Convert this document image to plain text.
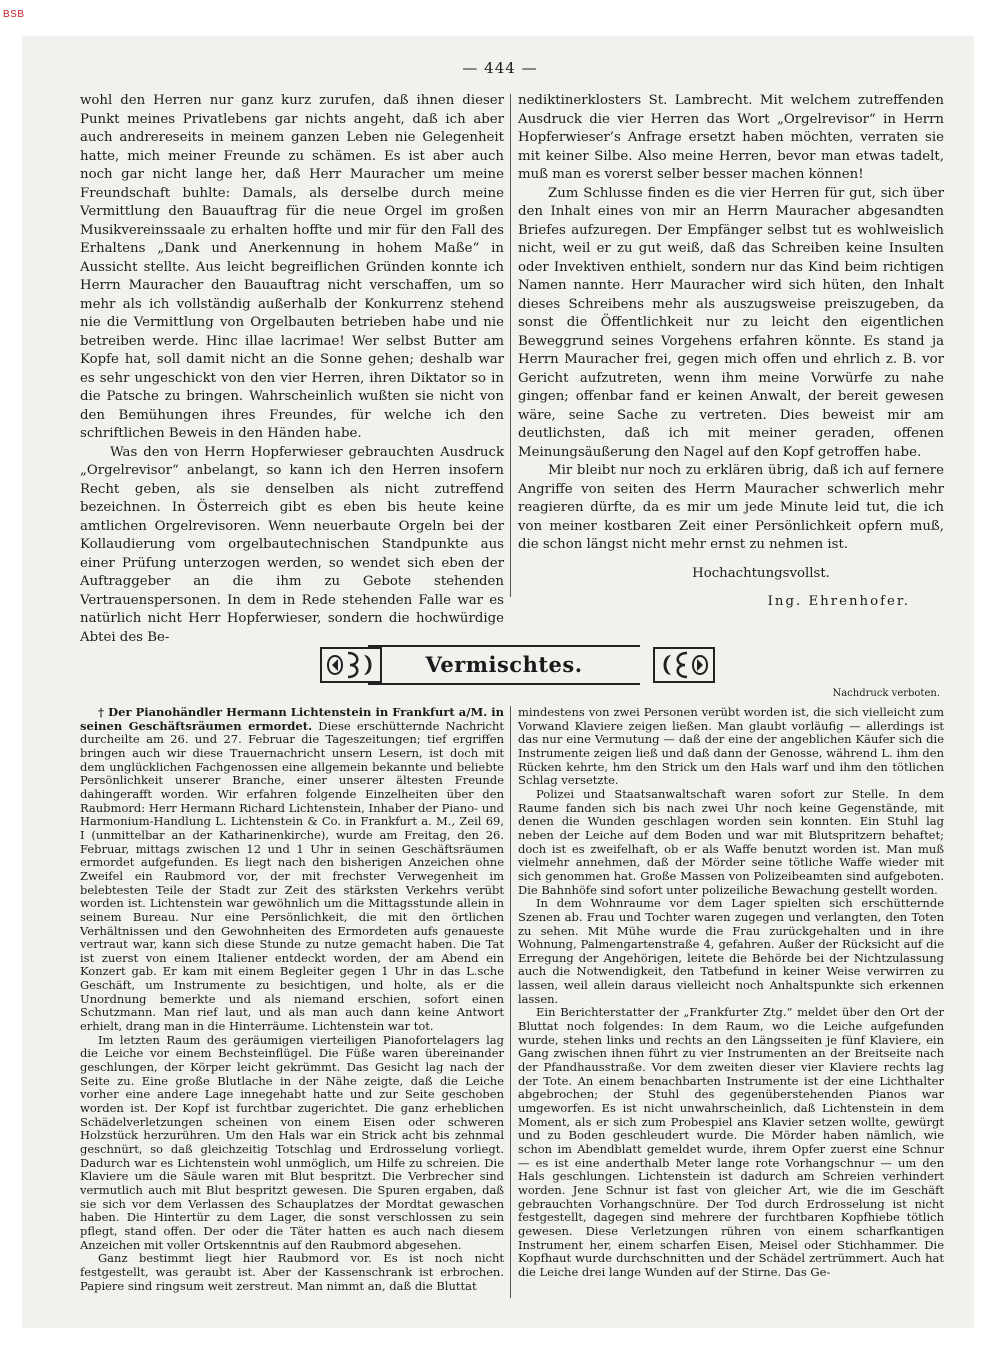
BSB
— 444 —

wohl den Herren nur ganz kurz zurufen, daß ihnen dieser Punkt meines Privatlebens gar nichts angeht, daß ich aber auch andrereseits in meinem ganzen Leben nie Gelegenheit hatte, mich meiner Freunde zu schämen. Es ist aber auch noch gar nicht lange her, daß Herr Mauracher um meine Freundschaft buhlte: Damals, als derselbe durch meine Vermittlung den Bauauftrag für die neue Orgel im großen Musikvereinssaale zu erhalten hoffte und mir für den Fall des Erhaltens „Dank und Anerkennung in hohem Maße“ in Aussicht stellte. Aus leicht begreiflichen Gründen konnte ich Herrn Mauracher den Bauauftrag nicht verschaffen, um so mehr als ich vollständig außerhalb der Konkurrenz stehend nie die Vermittlung von Orgelbauten betrieben habe und nie betreiben werde. Hinc illae lacrimae! Wer selbst Butter am Kopfe hat, soll damit nicht an die Sonne gehen; deshalb war es sehr ungeschickt von den vier Herren, ihren Diktator so in die Patsche zu bringen. Wahrscheinlich wußten sie nicht von den Bemühungen ihres Freundes, für welche ich den schriftlichen Beweis in den Händen habe.

Was den von Herrn Hopferwieser gebrauchten Ausdruck „Orgelrevisor“ anbelangt, so kann ich den Herren insofern Recht geben, als sie denselben als nicht zutreffend bezeichnen. In Österreich gibt es eben bis heute keine amtlichen Orgelrevisoren. Wenn neuerbaute Orgeln bei der Kollaudierung vom orgelbautechnischen Standpunkte aus einer Prüfung unterzogen werden, so wendet sich eben der Auftraggeber an die ihm zu Gebote stehenden Vertrauenspersonen. In dem in Rede stehenden Falle war es natürlich nicht Herr Hopferwieser, sondern die hochwürdige Abtei des Be-

nediktinerklosters St. Lambrecht. Mit welchem zutreffenden Ausdruck die vier Herren das Wort „Orgelrevisor“ in Herrn Hopferwieser’s Anfrage ersetzt haben möchten, verraten sie mit keiner Silbe. Also meine Herren, bevor man etwas tadelt, muß man es vorerst selber besser machen können!

Zum Schlusse finden es die vier Herren für gut, sich über den Inhalt eines von mir an Herrn Mauracher abgesandten Briefes aufzuregen. Der Empfänger selbst tut es wohlweislich nicht, weil er zu gut weiß, daß das Schreiben keine Insulten oder Invektiven enthielt, sondern nur das Kind beim richtigen Namen nannte. Herr Mauracher wird sich hüten, den Inhalt dieses Schreibens mehr als auszugsweise preiszugeben, da sonst die Öffentlichkeit nur zu leicht den eigentlichen Beweggrund seines Vorgehens erfahren könnte. Es stand ja Herrn Mauracher frei, gegen mich offen und ehrlich z. B. vor Gericht aufzutreten, wenn ihm meine Vorwürfe zu nahe gingen; offenbar fand er keinen Anwalt, der bereit gewesen wäre, seine Sache zu vertreten. Dies beweist mir am deutlichsten, daß ich mit meiner geraden, offenen Meinungsäußerung den Nagel auf den Kopf getroffen habe.

Mir bleibt nur noch zu erklären übrig, daß ich auf fernere Angriffe von seiten des Herrn Mauracher schwerlich mehr reagieren dürfte, da es mir um jede Minute leid tut, die ich von meiner kostbaren Zeit einer Persönlichkeit opfern muß, die schon längst nicht mehr ernst zu nehmen ist.

Hochachtungsvollst.

Ing. Ehrenhofer.

Vermischtes.
Nachdruck verboten.

† Der Pianohändler Hermann Lichtenstein in Frankfurt a/M. in seinen Geschäftsräumen ermordet. Diese erschütternde Nachricht durcheilte am 26. und 27. Februar die Tageszeitungen; tief ergriffen bringen auch wir diese Trauernachricht unsern Lesern, ist doch mit dem unglücklichen Fachgenossen eine allgemein bekannte und beliebte Persönlichkeit unserer Branche, einer unserer ältesten Freunde dahingerafft worden. Wir erfahren folgende Einzelheiten über den Raubmord: Herr Hermann Richard Lichtenstein, Inhaber der Piano- und Harmonium-Handlung L. Lichtenstein & Co. in Frankfurt a. M., Zeil 69, I (unmittelbar an der Katharinenkirche), wurde am Freitag, den 26. Februar, mittags zwischen 12 und 1 Uhr in seinen Geschäftsräumen ermordet aufgefunden. Es liegt nach den bisherigen Anzeichen ohne Zweifel ein Raubmord vor, der mit frechster Verwegenheit im belebtesten Teile der Stadt zur Zeit des stärksten Verkehrs verübt worden ist. Lichtenstein war gewöhnlich um die Mittagsstunde allein in seinem Bureau. Nur eine Persönlichkeit, die mit den örtlichen Verhältnissen und den Gewohnheiten des Ermordeten aufs genaueste vertraut war, kann sich diese Stunde zu nutze gemacht haben. Die Tat ist zuerst von einem Italiener entdeckt worden, der am Abend ein Konzert gab. Er kam mit einem Begleiter gegen 1 Uhr in das L.sche Geschäft, um Instrumente zu besichtigen, und holte, als er die Unordnung bemerkte und als niemand erschien, sofort einen Schutzmann. Man rief laut, und als man auch dann keine Antwort erhielt, drang man in die Hinterräume. Lichtenstein war tot.

Im letzten Raum des geräumigen vierteiligen Pianofortelagers lag die Leiche vor einem Bechsteinflügel. Die Füße waren übereinander geschlungen, der Körper leicht gekrümmt. Das Gesicht lag nach der Seite zu. Eine große Blutlache in der Nähe zeigte, daß die Leiche vorher eine andere Lage innegehabt hatte und zur Seite geschoben worden ist. Der Kopf ist furchtbar zugerichtet. Die ganz erheblichen Schädelverletzungen scheinen von einem Eisen oder schweren Holzstück herzurühren. Um den Hals war ein Strick acht bis zehnmal geschnürt, so daß gleichzeitig Totschlag und Erdrosselung vorliegt. Dadurch war es Lichtenstein wohl unmöglich, um Hilfe zu schreien. Die Klaviere um die Säule waren mit Blut bespritzt. Die Verbrecher sind vermutlich auch mit Blut bespritzt gewesen. Die Spuren ergaben, daß sie sich vor dem Verlassen des Schauplatzes der Mordtat gewaschen haben. Die Hintertür zu dem Lager, die sonst verschlossen zu sein pflegt, stand offen. Der oder die Täter hatten es auch nach diesem Anzeichen mit voller Ortskenntnis auf den Raubmord abgesehen.

Ganz bestimmt liegt hier Raubmord vor. Es ist noch nicht festgestellt, was geraubt ist. Aber der Kassenschrank ist erbrochen. Papiere sind ringsum weit zerstreut. Man nimmt an, daß die Bluttat

mindestens von zwei Personen verübt worden ist, die sich vielleicht zum Vorwand Klaviere zeigen ließen. Man glaubt vorläufig — allerdings ist das nur eine Vermutung — daß der eine der angeblichen Käufer sich die Instrumente zeigen ließ und daß dann der Genosse, während L. ihm den Rücken kehrte, hm den Strick um den Hals warf und ihm den tötlichen Schlag versetzte.

Polizei und Staatsanwaltschaft waren sofort zur Stelle. In dem Raume fanden sich bis nach zwei Uhr noch keine Gegenstände, mit denen die Wunden geschlagen worden sein konnten. Ein Stuhl lag neben der Leiche auf dem Boden und war mit Blutspritzern behaftet; doch ist es zweifelhaft, ob er als Waffe benutzt worden ist. Man muß vielmehr annehmen, daß der Mörder seine tötliche Waffe wieder mit sich genommen hat. Große Massen von Polizeibeamten sind aufgeboten. Die Bahnhöfe sind sofort unter polizeiliche Bewachung gestellt worden.

In dem Wohnraume vor dem Lager spielten sich erschütternde Szenen ab. Frau und Tochter waren zugegen und verlangten, den Toten zu sehen. Mit Mühe wurde die Frau zurückgehalten und in ihre Wohnung, Palmengartenstraße 4, gefahren. Außer der Rücksicht auf die Erregung der Angehörigen, leitete die Behörde bei der Nichtzulassung auch die Notwendigkeit, den Tatbefund in keiner Weise verwirren zu lassen, weil allein daraus vielleicht noch Anhaltspunkte sich erkennen lassen.

Ein Berichterstatter der „Frankfurter Ztg.“ meldet über den Ort der Bluttat noch folgendes: In dem Raum, wo die Leiche aufgefunden wurde, stehen links und rechts an den Längsseiten je fünf Klaviere, ein Gang zwischen ihnen führt zu vier Instrumenten an der Breitseite nach der Pfandhausstraße. Vor dem zweiten dieser vier Klaviere rechts lag der Tote. An einem benachbarten Instrumente ist der eine Lichthalter abgebrochen; der Stuhl des gegenüberstehenden Pianos war umgeworfen. Es ist nicht unwahrscheinlich, daß Lichtenstein in dem Moment, als er sich zum Probespiel ans Klavier setzen wollte, gewürgt und zu Boden geschleudert wurde. Die Mörder haben nämlich, wie schon im Abendblatt gemeldet wurde, ihrem Opfer zuerst eine Schnur — es ist eine anderthalb Meter lange rote Vorhangschnur — um den Hals geschlungen. Lichtenstein ist dadurch am Schreien verhindert worden. Jene Schnur ist fast von gleicher Art, wie die im Geschäft gebrauchten Vorhangschnüre. Der Tod durch Erdrosselung ist nicht festgestellt, dagegen sind mehrere der furchtbaren Kopfhiebe tötlich gewesen. Diese Verletzungen rühren von einem scharfkantigen Instrument her, einem scharfen Eisen, Meisel oder Stichhammer. Die Kopfhaut wurde durchschnitten und der Schädel zertrümmert. Auch hat die Leiche drei lange Wunden auf der Stirne. Das Ge-
